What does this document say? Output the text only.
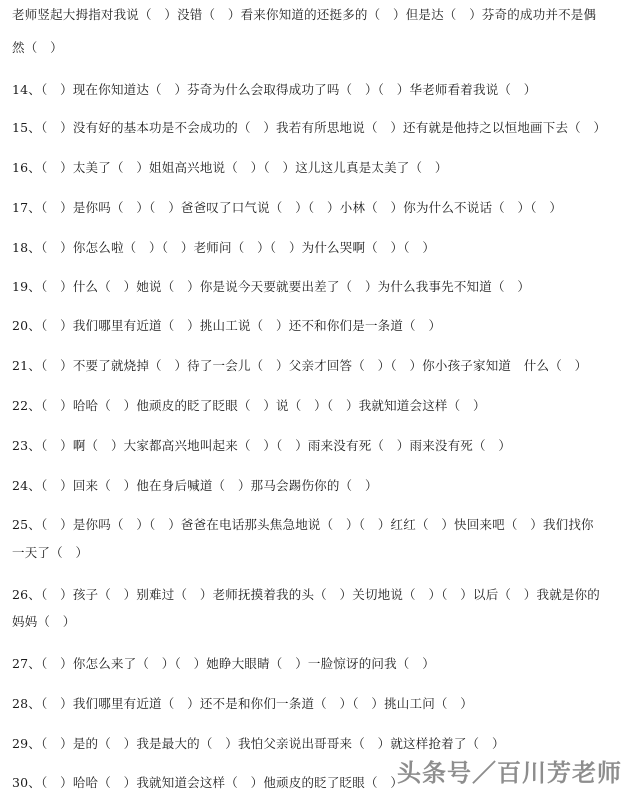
老师竖起大拇指对我说（　）没错（　）看来你知道的还挺多的（　）但是达（　）芬奇的成功并不是偶
然（　）
14、（　）现在你知道达（　）芬奇为什么会取得成功了吗（　）（　）华老师看着我说（　）
15、（　）没有好的基本功是不会成功的（　）我若有所思地说（　）还有就是他持之以恒地画下去（　）
16、（　）太美了（　）姐姐高兴地说（　）（　）这儿这儿真是太美了（　）
17、（　）是你吗（　）（　）爸爸叹了口气说（　）（　）小林（　）你为什么不说话（　）（　）
18、（　）你怎么啦（　）（　）老师问（　）（　）为什么哭啊（　）（　）
19、（　）什么（　）她说（　）你是说今天要就要出差了（　）为什么我事先不知道（　）
20、（　）我们哪里有近道（　）挑山工说（　）还不和你们是一条道（　）
21、（　）不要了就烧掉（　）待了一会儿（　）父亲才回答（　）（　）你小孩子家知道　什么（　）
22、（　）哈哈（　）他顽皮的眨了眨眼（　）说（　）（　）我就知道会这样（　）
23、（　）啊（　）大家都高兴地叫起来（　）（　）雨来没有死（　）雨来没有死（　）
24、（　）回来（　）他在身后喊道（　）那马会踢伤你的（　）
25、（　）是你吗（　）（　）爸爸在电话那头焦急地说（　）（　）红红（　）快回来吧（　）我们找你
一天了（　）
26、（　）孩子（　）别难过（　）老师抚摸着我的头（　）关切地说（　）（　）以后（　）我就是你的
妈妈（　）
27、（　）你怎么来了（　）（　）她睁大眼睛（　）一脸惊讶的问我（　）
28、（　）我们哪里有近道（　）还不是和你们一条道（　）（　）挑山工问（　）
29、（　）是的（　）我是最大的（　）我怕父亲说出哥哥来（　）就这样抢着了（　）
30、（　）哈哈（　）我就知道会这样（　）他顽皮的眨了眨眼（　）
头条号／百川芳老师
